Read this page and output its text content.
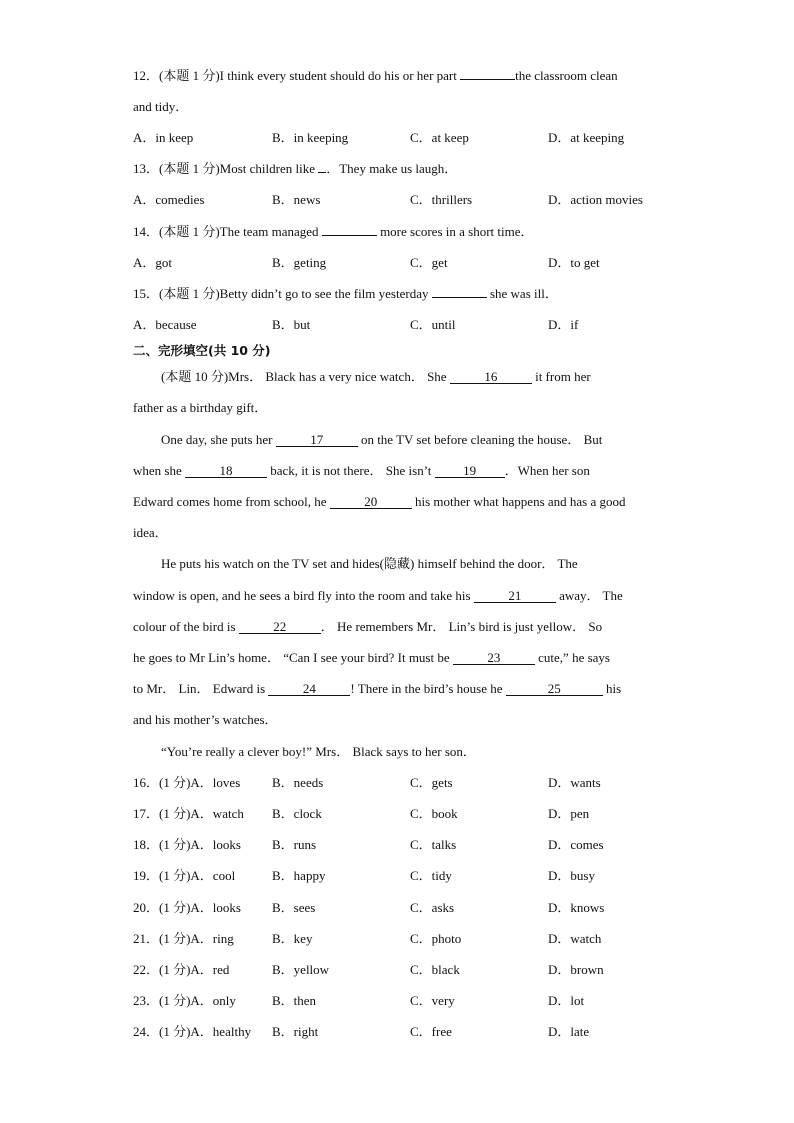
12．(本题 1 分)I think every student should do his or her part	the classroom clean
and tidy．
A．in keep	B．in keeping	C．at keep	D．at keeping
13．(本题 1 分)Most children like ．They make us laugh．
A．comedies	B．news	C．thrillers	D．action movies
14．(本题 1 分)The team managed	more scores in a short time．
A．got	B．geting	C．get	D．to get
15．(本题 1 分)Betty didn’t go to see the film yesterday	she was ill．
A．because	B．but	C．until	D．if
二、完形填空(共 10 分)
(本题 10 分)Mrs． Black has a very nice watch． She	16	it from her
father as a birthday gift．
One day, she puts her	17	on the TV set before cleaning the house． But
when she	18	back, it is not there． She isn’t 19 ．When her son
Edward comes home from school, he	20	his mother what happens and has a good
idea．
He puts his watch on the TV set and hides(隐藏) himself behind the door． The
window is open, and he sees a bird fly into the room and take his	21	away． The
colour of the bird is	22	． He remembers Mr． Lin’s bird is just yellow． So
he goes to Mr Lin’s home． “Can I see your bird? It must be	23	cute,” he says
to Mr． Lin． Edward is	24	! There in the bird’s house he	25	his
and his mother’s watches．
“You’re really a clever boy!” Mrs． Black says to her son．
16．(1 分)A．loves B．needs	C．gets	D．wants
17．(1 分)A．watch B．clock	C．book	D．pen
18．(1 分)A．looks B．runs	C．talks	D．comes
19．(1 分)A．cool	B．happy	C．tidy	D．busy
20．(1 分)A．looks B．sees	C．asks	D．knows
21．(1 分)A．ring	B．key	C．photo	D．watch
22．(1 分)A．red	B．yellow	C．black	D．brown
23．(1 分)A．only	B．then	C．very	D．lot
24．(1 分)A．healthy B．right	C．free	D．late
